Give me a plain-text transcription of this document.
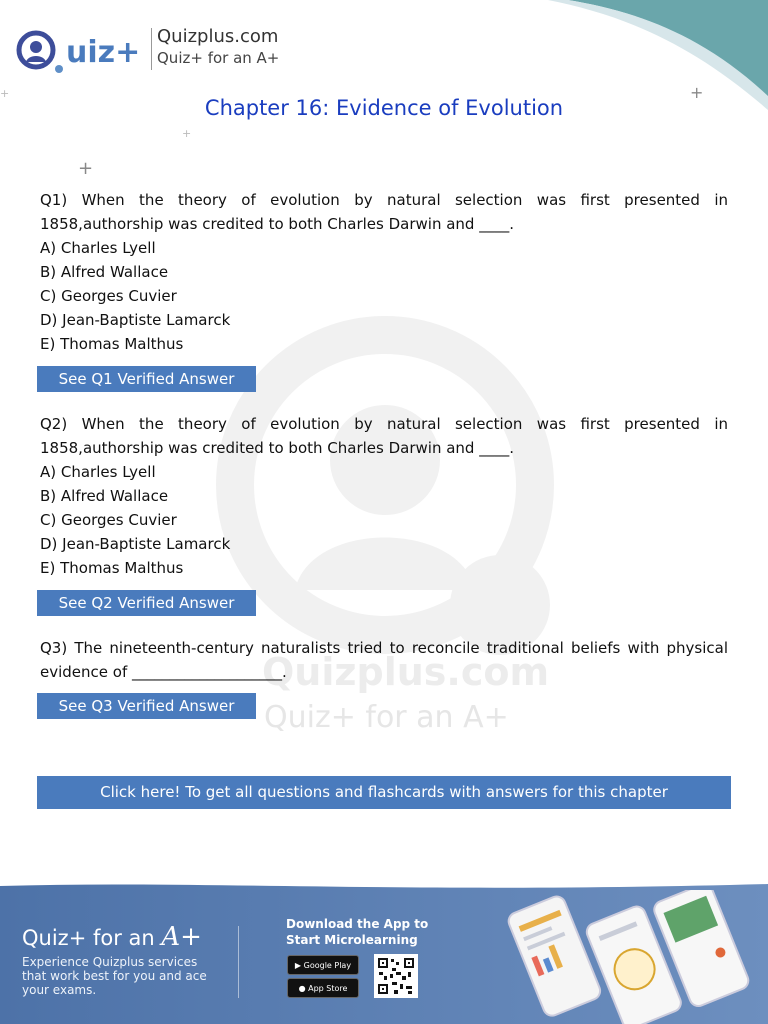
uiz+ Quizplus.com
Quiz+ for an A+
+
+
+
+
Chapter 16: Evidence of Evolution
Quizplus.com
Quiz+ for an A+
Q1) When the theory of evolution by natural selection was first presented in 1858,authorship was credited to both Charles Darwin and ____.
A) Charles Lyell
B) Alfred Wallace
C) Georges Cuvier
D) Jean-Baptiste Lamarck
E) Thomas Malthus
See Q1 Verified Answer
Q2) When the theory of evolution by natural selection was first presented in 1858,authorship was credited to both Charles Darwin and ____.
A) Charles Lyell
B) Alfred Wallace
C) Georges Cuvier
D) Jean-Baptiste Lamarck
E) Thomas Malthus
See Q2 Verified Answer
Q3) The nineteenth-century naturalists tried to reconcile traditional beliefs with physical evidence of ____________________.
See Q3 Verified Answer
Click here! To get all questions and flashcards with answers for this chapter
Quiz+ for an A+
Experience Quizplus services that work best for you and ace your exams.
Download the App to Start Microlearning
▶ Google Play
● App Store
